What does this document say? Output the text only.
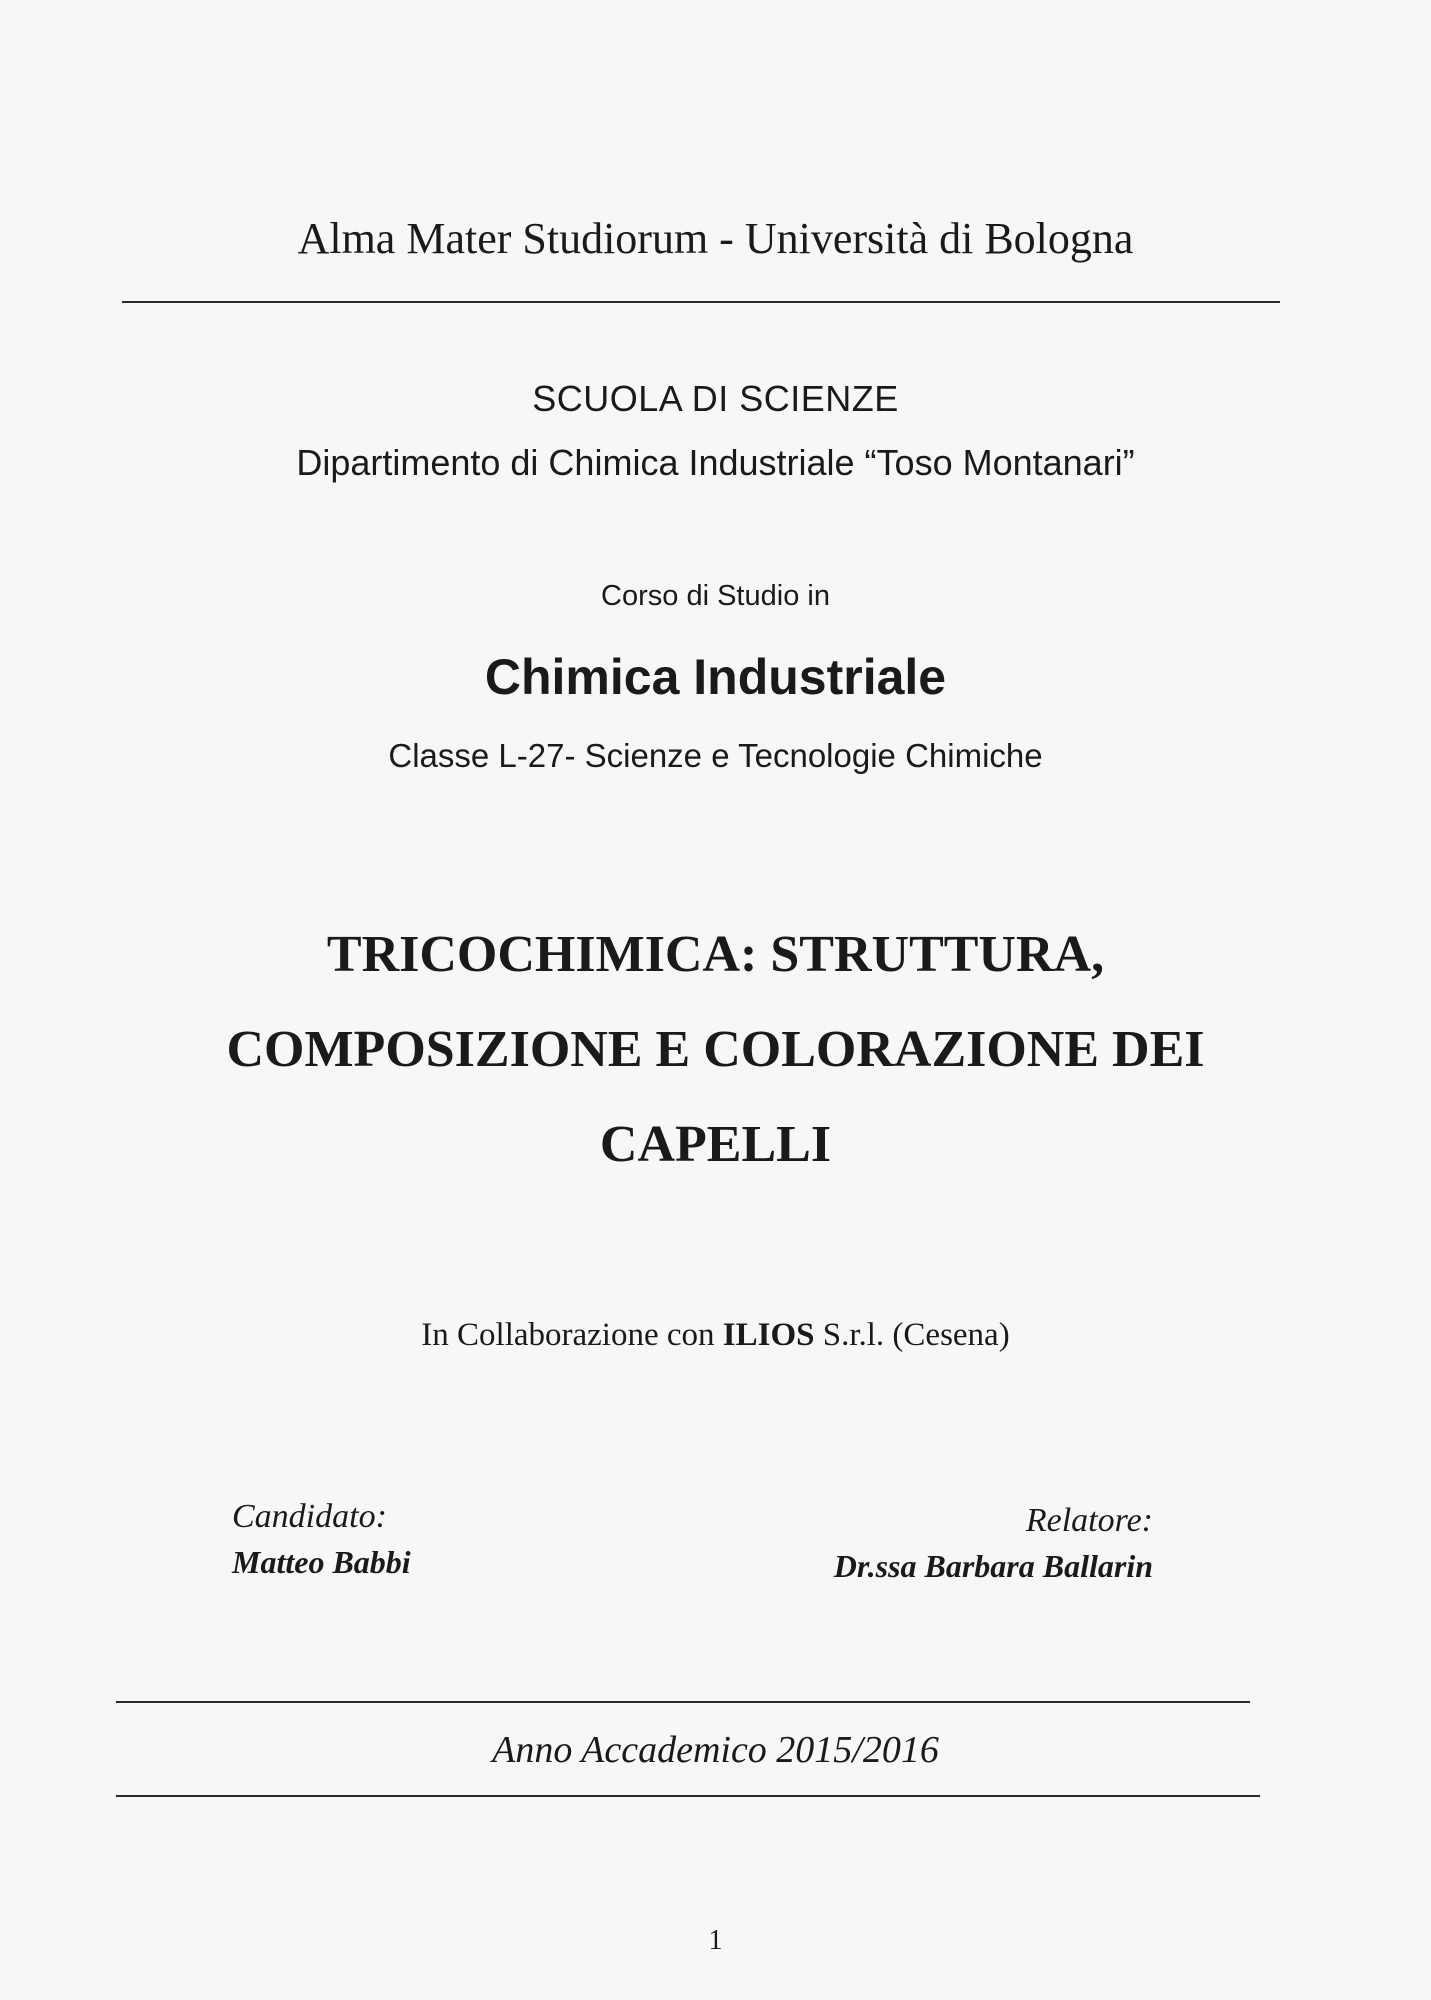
Alma Mater Studiorum - Università di Bologna
SCUOLA DI SCIENZE
Dipartimento di Chimica Industriale “Toso Montanari”
Corso di Studio in
Chimica Industriale
Classe L-27- Scienze e Tecnologie Chimiche
TRICOCHIMICA: STRUTTURA,
COMPOSIZIONE E COLORAZIONE DEI
CAPELLI
In Collaborazione con ILIOS S.r.l. (Cesena)
Candidato:
Matteo Babbi
Relatore:
Dr.ssa Barbara Ballarin
Anno Accademico 2015/2016
1
